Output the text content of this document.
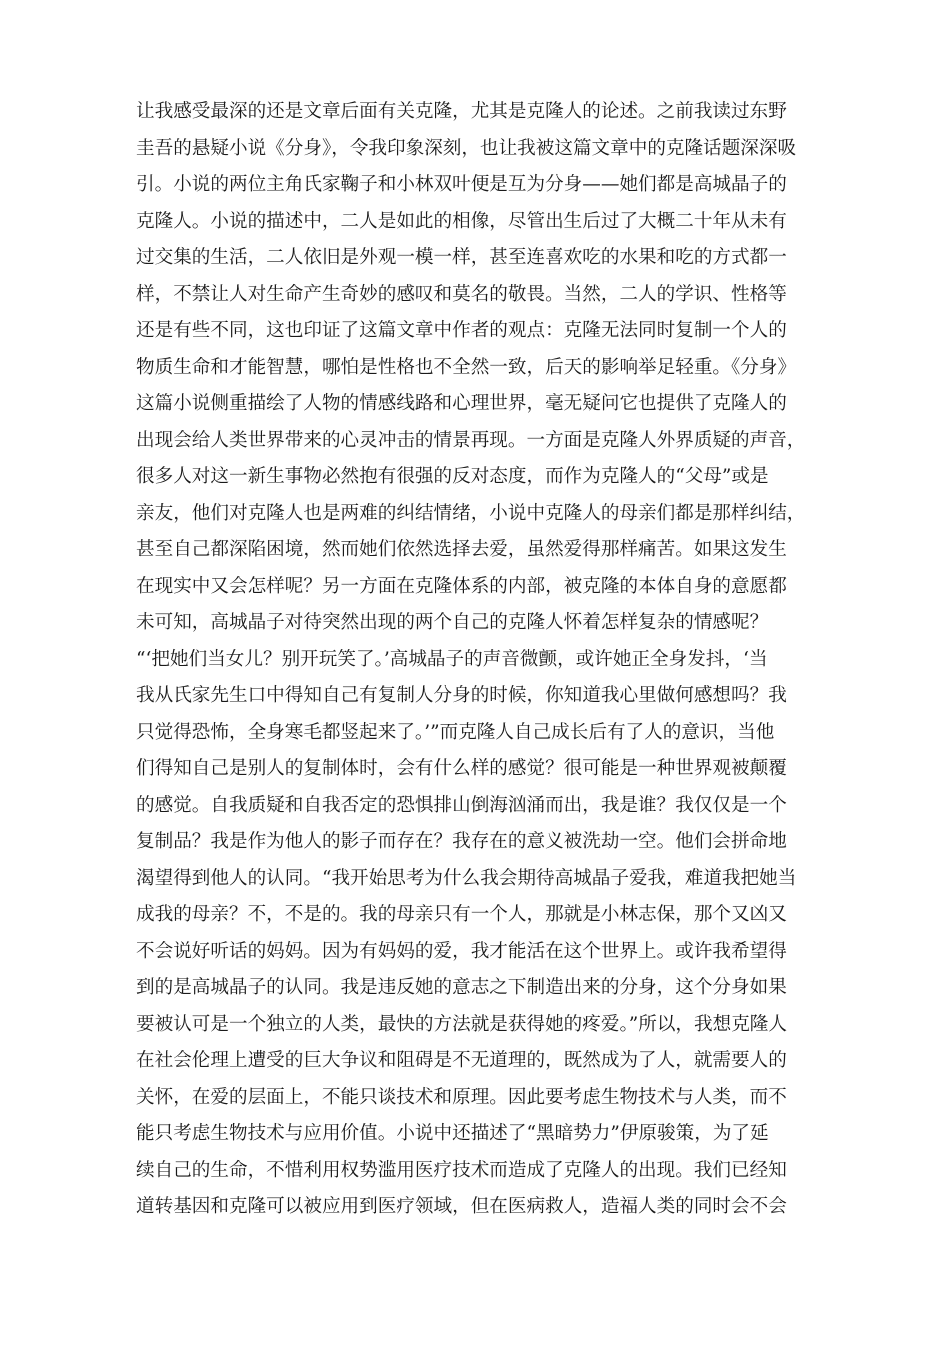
让我感受最深的还是文章后面有关克隆，尤其是克隆人的论述。之前我读过东野
圭吾的悬疑小说《分身》，令我印象深刻，也让我被这篇文章中的克隆话题深深吸
引。小说的两位主角氏家鞠子和小林双叶便是互为分身——她们都是高城晶子的
克隆人。小说的描述中，二人是如此的相像，尽管出生后过了大概二十年从未有
过交集的生活，二人依旧是外观一模一样，甚至连喜欢吃的水果和吃的方式都一
样，不禁让人对生命产生奇妙的感叹和莫名的敬畏。当然，二人的学识、性格等
还是有些不同，这也印证了这篇文章中作者的观点：克隆无法同时复制一个人的
物质生命和才能智慧，哪怕是性格也不全然一致，后天的影响举足轻重。《分身》
这篇小说侧重描绘了人物的情感线路和心理世界，毫无疑问它也提供了克隆人的
出现会给人类世界带来的心灵冲击的情景再现。一方面是克隆人外界质疑的声音，
很多人对这一新生事物必然抱有很强的反对态度，而作为克隆人的“父母”或是
亲友，他们对克隆人也是两难的纠结情绪，小说中克隆人的母亲们都是那样纠结，
甚至自己都深陷困境，然而她们依然选择去爱，虽然爱得那样痛苦。如果这发生
在现实中又会怎样呢？另一方面在克隆体系的内部，被克隆的本体自身的意愿都
未可知，高城晶子对待突然出现的两个自己的克隆人怀着怎样复杂的情感呢？
“‘把她们当女儿？别开玩笑了。’高城晶子的声音微颤，或许她正全身发抖，‘当
我从氏家先生口中得知自己有复制人分身的时候，你知道我心里做何感想吗？我
只觉得恐怖，全身寒毛都竖起来了。’”而克隆人自己成长后有了人的意识，当他
们得知自己是别人的复制体时，会有什么样的感觉？很可能是一种世界观被颠覆
的感觉。自我质疑和自我否定的恐惧排山倒海汹涌而出，我是谁？我仅仅是一个
复制品？我是作为他人的影子而存在？我存在的意义被洗劫一空。他们会拼命地
渴望得到他人的认同。“我开始思考为什么我会期待高城晶子爱我，难道我把她当
成我的母亲？不，不是的。我的母亲只有一个人，那就是小林志保，那个又凶又
不会说好听话的妈妈。因为有妈妈的爱，我才能活在这个世界上。或许我希望得
到的是高城晶子的认同。我是违反她的意志之下制造出来的分身，这个分身如果
要被认可是一个独立的人类，最快的方法就是获得她的疼爱。”所以，我想克隆人
在社会伦理上遭受的巨大争议和阻碍是不无道理的，既然成为了人，就需要人的
关怀，在爱的层面上，不能只谈技术和原理。因此要考虑生物技术与人类，而不
能只考虑生物技术与应用价值。小说中还描述了“黑暗势力”伊原骏策，为了延
续自己的生命，不惜利用权势滥用医疗技术而造成了克隆人的出现。我们已经知
道转基因和克隆可以被应用到医疗领域，但在医病救人，造福人类的同时会不会
